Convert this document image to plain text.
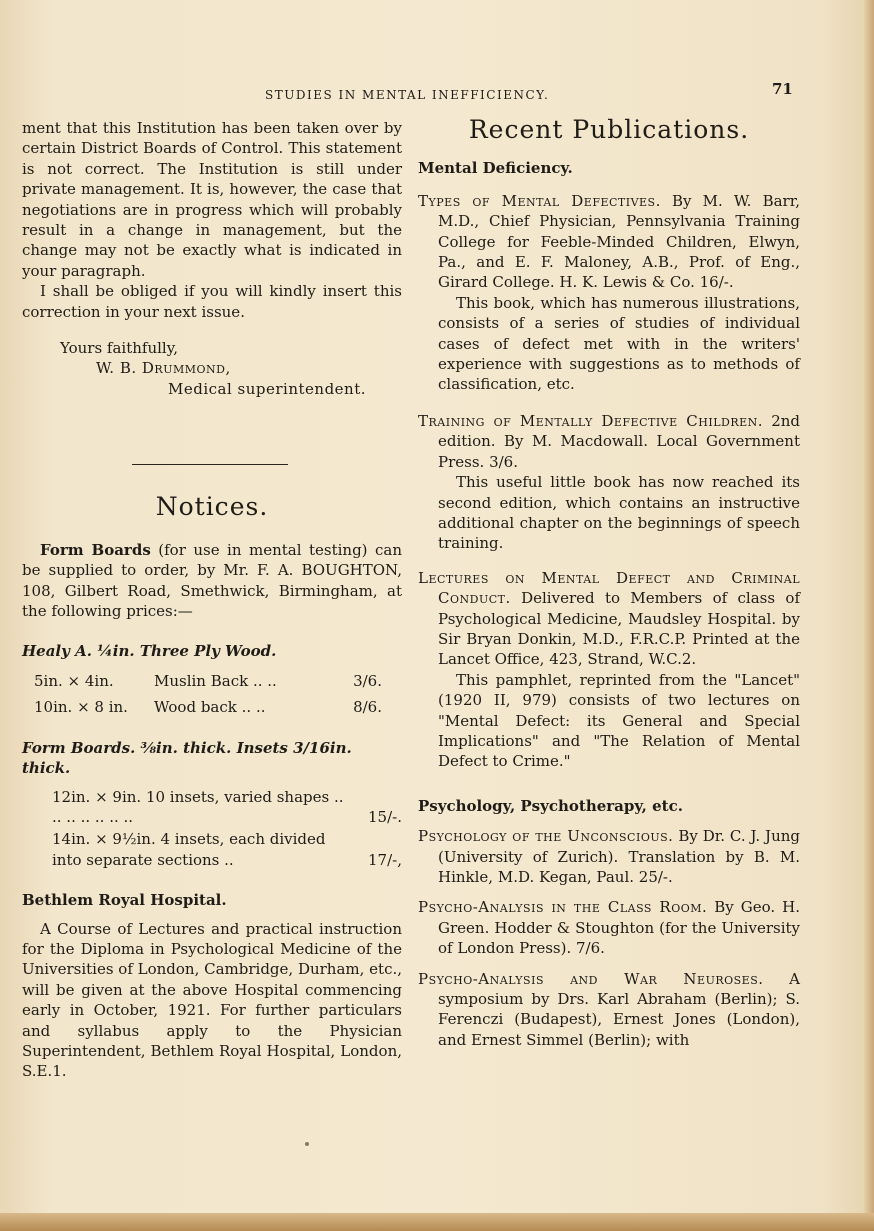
STUDIES IN MENTAL INEFFICIENCY.	71

ment that this Institution has been taken over by certain District Boards of Control. This statement is not correct. The Institution is still under private management. It is, however, the case that negotiations are in progress which will probably result in a change in management, but the change may not be exactly what is indicated in your paragraph.

I shall be obliged if you will kindly insert this correction in your next issue.

Yours faithfully,

W. B. Drummond,

Medical superintendent.

Notices.

Form Boards (for use in mental testing) can be supplied to order, by Mr. F. A. BOUGHTON, 108, Gilbert Road, Smethwick, Birmingham, at the following prices:—

Healy A. ¼in. Three Ply Wood.

5in. × 4in.	Muslin Back .. ..	3/6.
10in. × 8 in.	Wood back .. ..	8/6.

Form Boards. ⅜in. thick. Insets 3/16in. thick.

12in. × 9in. 10 insets, varied shapes .. .. .. .. .. .. ..	15/-.
14in. × 9½in. 4 insets, each divided into separate sections ..	17/-,
Bethlem Royal Hospital.

A Course of Lectures and practical instruction for the Diploma in Psychological Medicine of the Universities of London, Cambridge, Durham, etc., will be given at the above Hospital commencing early in October, 1921. For further particulars and syllabus apply to the Physician Superintendent, Bethlem Royal Hospital, London, S.E.1.

Recent Publications.

Mental Deficiency.

Types of Mental Defectives. By M. W. Barr, M.D., Chief Physician, Pennsylvania Training College for Feeble-Minded Children, Elwyn, Pa., and E. F. Maloney, A.B., Prof. of Eng., Girard College. H. K. Lewis & Co. 16/-.

This book, which has numerous illustrations, consists of a series of studies of individual cases of defect met with in the writers' experience with suggestions as to methods of classification, etc.

Training of Mentally Defective Children. 2nd edition. By M. Macdowall. Local Government Press. 3/6.

This useful little book has now reached its second edition, which contains an instructive additional chapter on the beginnings of speech training.

Lectures on Mental Defect and Criminal Conduct. Delivered to Members of class of Psychological Medicine, Maudsley Hospital. by Sir Bryan Donkin, M.D., F.R.C.P. Printed at the Lancet Office, 423, Strand, W.C.2.

This pamphlet, reprinted from the "Lancet" (1920 II, 979) consists of two lectures on "Mental Defect: its General and Special Implications" and "The Relation of Mental Defect to Crime."

Psychology, Psychotherapy, etc.

Psychology of the Unconscious. By Dr. C. J. Jung (University of Zurich). Translation by B. M. Hinkle, M.D. Kegan, Paul. 25/-.

Psycho-Analysis in the Class Room. By Geo. H. Green. Hodder & Stoughton (for the University of London Press). 7/6.

Psycho-Analysis and War Neuroses. A symposium by Drs. Karl Abraham (Berlin); S. Ferenczi (Budapest), Ernest Jones (London), and Ernest Simmel (Berlin); with
